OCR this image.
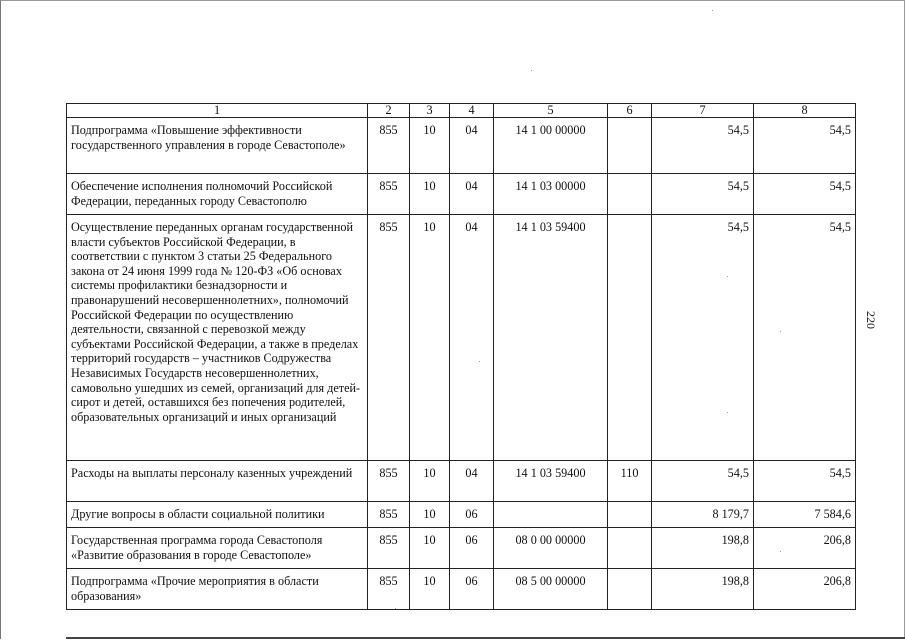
1	2	3	4	5	6	7	8
Подпрограмма «Повышение эффективности государственного управления в городе Севастополе»	855	10	04	14 1 00 00000		54,5	54,5
Обеспечение исполнения полномочий Российской Федерации, переданных городу Севастополю	855	10	04	14 1 03 00000		54,5	54,5
Осуществление переданных органам государственной власти субъектов Российской Федерации, в соответствии с пунктом 3 статьи 25 Федерального закона от 24 июня 1999 года № 120-ФЗ «Об основах системы профилактики безнадзорности и правонарушений несовершеннолетних», полномочий Российской Федерации по осуществлению деятельности, связанной с перевозкой между субъектами Российской Федерации, а также в пределах территорий государств – участников Содружества Независимых Государств несовершеннолетних, самовольно ушедших из семей, организаций для детей-сирот и детей, оставшихся без попечения родителей, образовательных организаций и иных организаций	855	10	04	14 1 03 59400		54,5	54,5
Расходы на выплаты персоналу казенных учреждений	855	10	04	14 1 03 59400	110	54,5	54,5
Другие вопросы в области социальной политики	855	10	06			8 179,7	7 584,6
Государственная программа города Севастополя «Развитие образования в городе Севастополе»	855	10	06	08 0 00 00000		198,8	206,8
Подпрограмма «Прочие мероприятия в области образования»	855	10	06	08 5 00 00000		198,8	206,8
220
